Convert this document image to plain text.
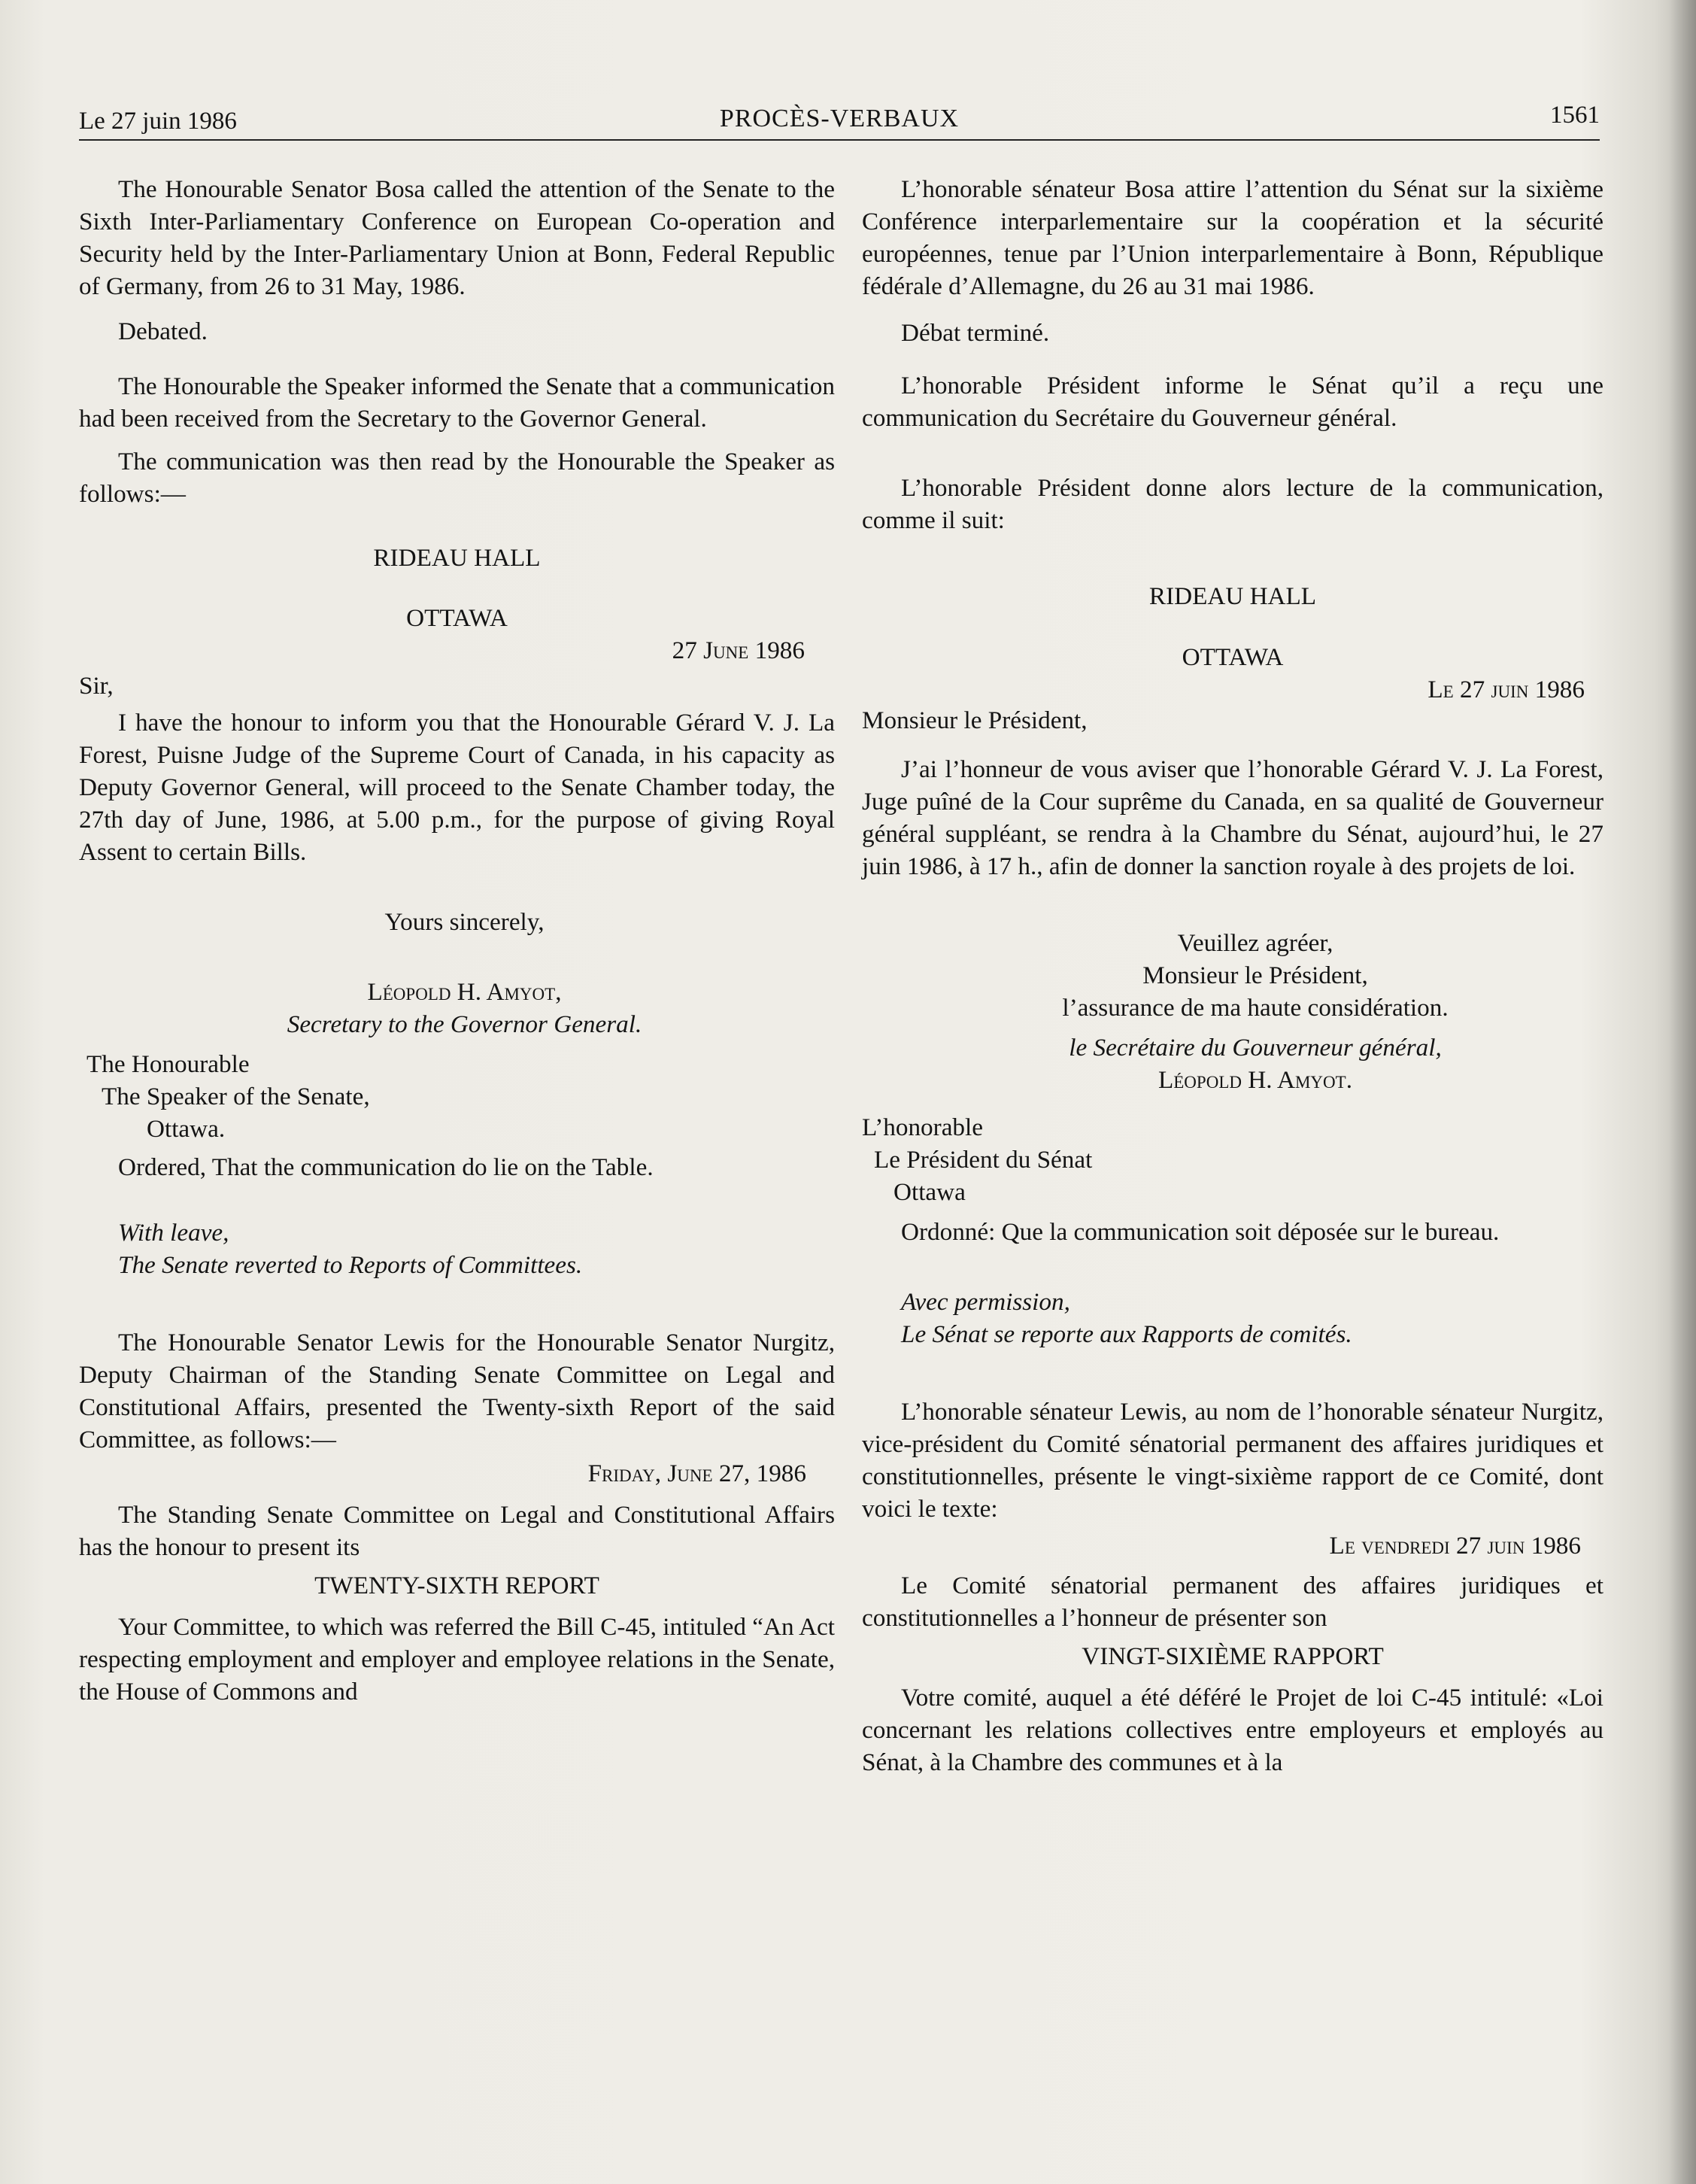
Le 27 juin 1986	PROCÈS-VERBAUX	1561

The Honourable Senator Bosa called the attention of the Senate to the Sixth Inter-Parliamentary Conference on European Co-operation and Security held by the Inter-Parliamentary Union at Bonn, Federal Republic of Germany, from 26 to 31 May, 1986.

Debated.

The Honourable the Speaker informed the Senate that a communication had been received from the Secretary to the Governor General.

The communication was then read by the Honourable the Speaker as follows:—

RIDEAU HALL

OTTAWA

27 June 1986

Sir,

I have the honour to inform you that the Honourable Gérard V. J. La Forest, Puisne Judge of the Supreme Court of Canada, in his capacity as Deputy Governor General, will proceed to the Senate Chamber today, the 27th day of June, 1986, at 5.00 p.m., for the purpose of giving Royal Assent to certain Bills.

Yours sincerely,

Léopold H. Amyot,

Secretary to the Governor General.

The Honourable

The Speaker of the Senate,

Ottawa.

Ordered, That the communication do lie on the Table.

With leave,

The Senate reverted to Reports of Committees.

The Honourable Senator Lewis for the Honourable Senator Nurgitz, Deputy Chairman of the Standing Senate Committee on Legal and Constitutional Affairs, presented the Twenty-sixth Report of the said Committee, as follows:—

Friday, June 27, 1986

The Standing Senate Committee on Legal and Constitutional Affairs has the honour to present its

TWENTY-SIXTH REPORT

Your Committee, to which was referred the Bill C-45, intituled “An Act respecting employment and employer and employee relations in the Senate, the House of Commons and

L’honorable sénateur Bosa attire l’attention du Sénat sur la sixième Conférence interparlementaire sur la coopération et la sécurité européennes, tenue par l’Union interparlementaire à Bonn, République fédérale d’Allemagne, du 26 au 31 mai 1986.

Débat terminé.

L’honorable Président informe le Sénat qu’il a reçu une communication du Secrétaire du Gouverneur général.

L’honorable Président donne alors lecture de la communication, comme il suit:

RIDEAU HALL

OTTAWA

Le 27 juin 1986

Monsieur le Président,

J’ai l’honneur de vous aviser que l’honorable Gérard V. J. La Forest, Juge puîné de la Cour suprême du Canada, en sa qualité de Gouverneur général suppléant, se rendra à la Chambre du Sénat, aujourd’hui, le 27 juin 1986, à 17 h., afin de donner la sanction royale à des projets de loi.

Veuillez agréer,

Monsieur le Président,

l’assurance de ma haute considération.

le Secrétaire du Gouverneur général,

Léopold H. Amyot.

L’honorable

Le Président du Sénat

Ottawa

Ordonné: Que la communication soit déposée sur le bureau.

Avec permission,

Le Sénat se reporte aux Rapports de comités.

L’honorable sénateur Lewis, au nom de l’honorable sénateur Nurgitz, vice-président du Comité sénatorial permanent des affaires juridiques et constitutionnelles, présente le vingt-sixième rapport de ce Comité, dont voici le texte:

Le vendredi 27 juin 1986

Le Comité sénatorial permanent des affaires juridiques et constitutionnelles a l’honneur de présenter son

VINGT-SIXIÈME RAPPORT

Votre comité, auquel a été déféré le Projet de loi C-45 intitulé: «Loi concernant les relations collectives entre employeurs et employés au Sénat, à la Chambre des communes et à la
